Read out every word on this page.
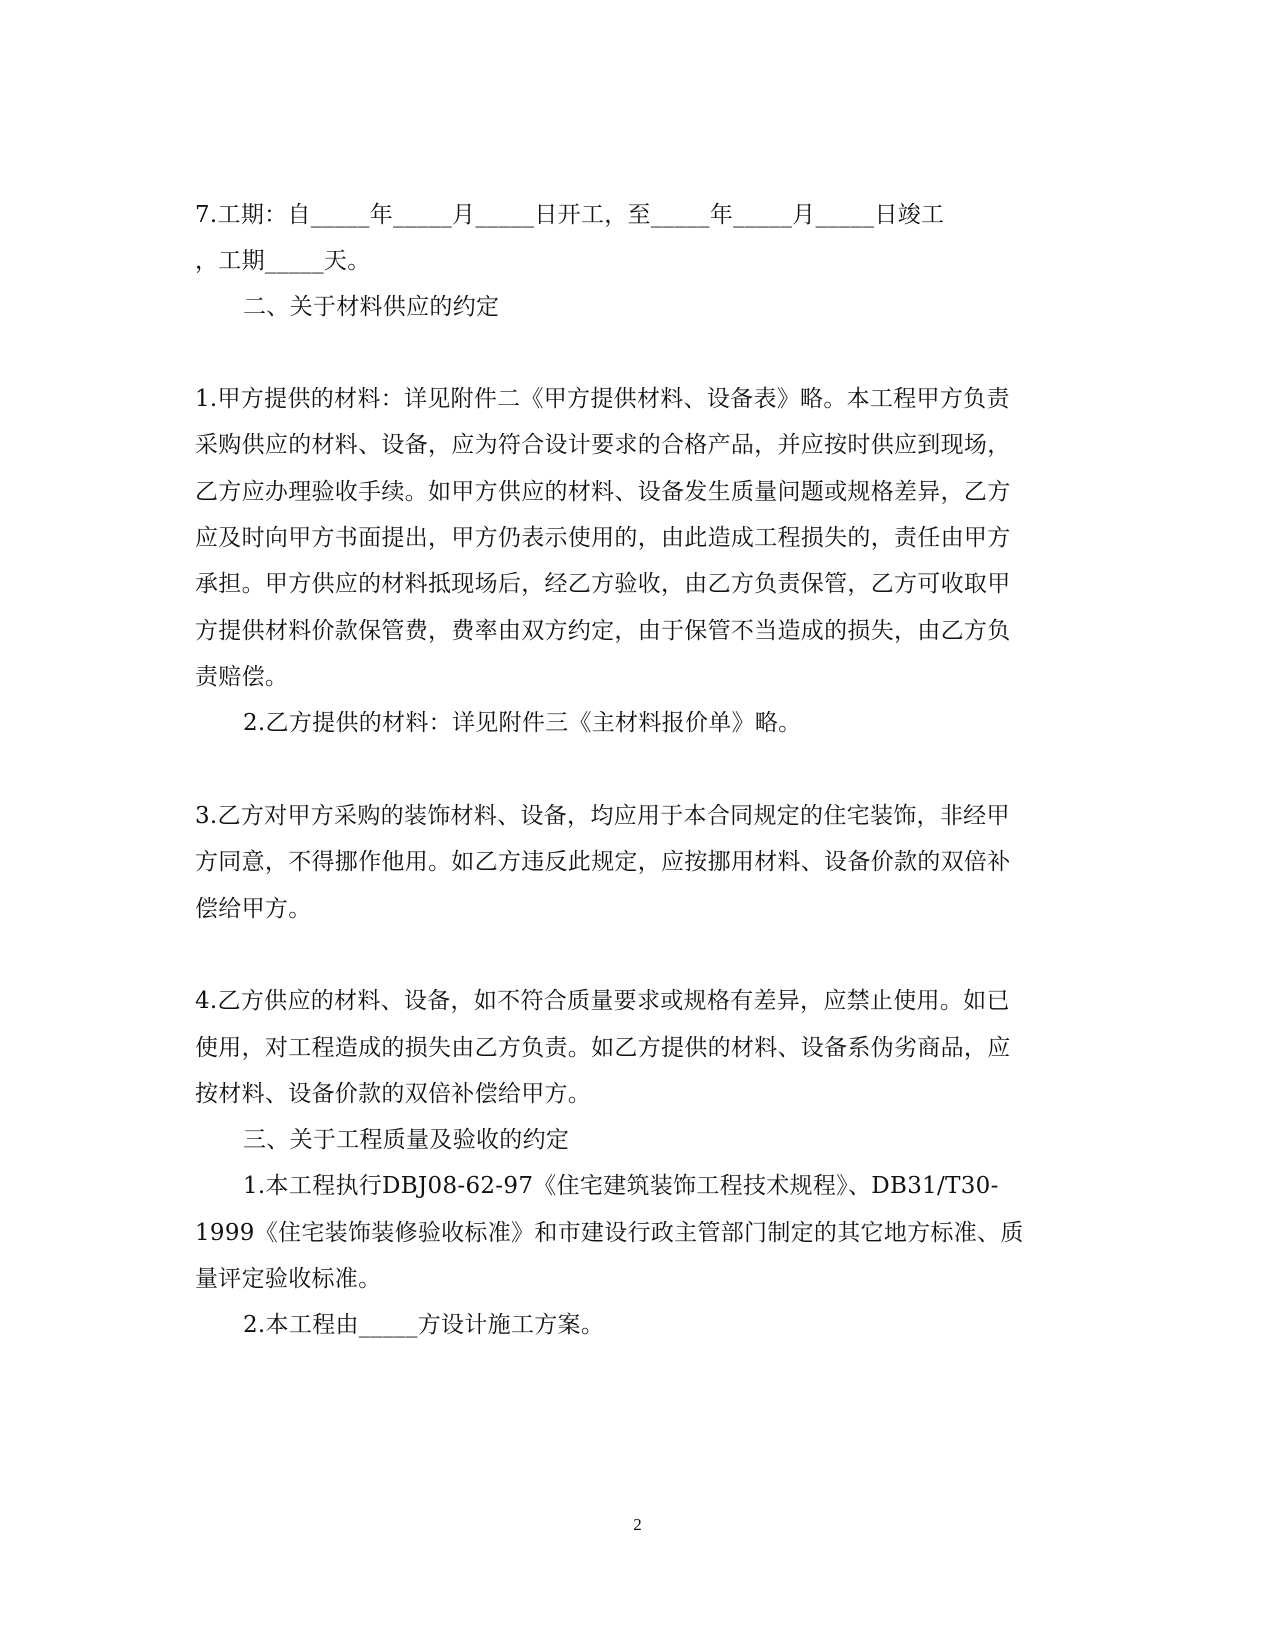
7.工期：自_____年_____月_____日开工，至_____年_____月_____日竣工
，工期_____天。
二、关于材料供应的约定
1.甲方提供的材料：详见附件二《甲方提供材料、设备表》略。本工程甲方负责
采购供应的材料、设备，应为符合设计要求的合格产品，并应按时供应到现场，
乙方应办理验收手续。如甲方供应的材料、设备发生质量问题或规格差异，乙方
应及时向甲方书面提出，甲方仍表示使用的，由此造成工程损失的，责任由甲方
承担。甲方供应的材料抵现场后，经乙方验收，由乙方负责保管，乙方可收取甲
方提供材料价款保管费，费率由双方约定，由于保管不当造成的损失，由乙方负
责赔偿。
2.乙方提供的材料：详见附件三《主材料报价单》略。
3.乙方对甲方采购的装饰材料、设备，均应用于本合同规定的住宅装饰，非经甲
方同意，不得挪作他用。如乙方违反此规定，应按挪用材料、设备价款的双倍补
偿给甲方。
4.乙方供应的材料、设备，如不符合质量要求或规格有差异，应禁止使用。如已
使用，对工程造成的损失由乙方负责。如乙方提供的材料、设备系伪劣商品，应
按材料、设备价款的双倍补偿给甲方。
三、关于工程质量及验收的约定
1.本工程执行DBJ08-62-97《住宅建筑装饰工程技术规程》、DB31/T30-
1999《住宅装饰装修验收标准》和市建设行政主管部门制定的其它地方标准、质
量评定验收标准。
2.本工程由_____方设计施工方案。
2
